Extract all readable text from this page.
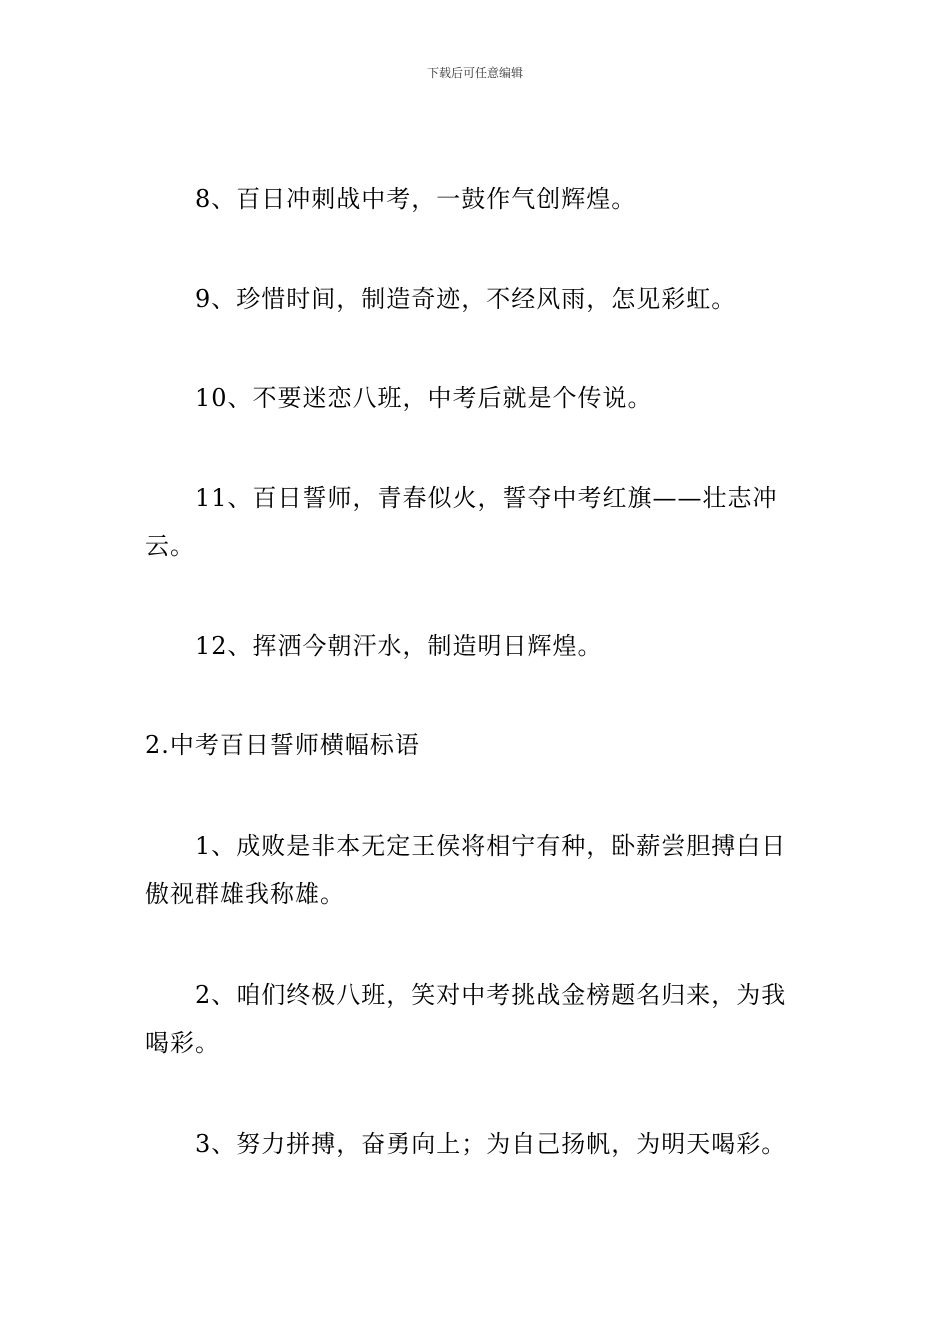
下载后可任意编辑

8、百日冲刺战中考，一鼓作气创辉煌。

9、珍惜时间，制造奇迹，不经风雨，怎见彩虹。

10、不要迷恋八班，中考后就是个传说。

11、百日誓师，青春似火，誓夺中考红旗——壮志冲云。

12、挥洒今朝汗水，制造明日辉煌。

2.中考百日誓师横幅标语

1、成败是非本无定王侯将相宁有种，卧薪尝胆搏白日傲视群雄我称雄。

2、咱们终极八班，笑对中考挑战金榜题名归来，为我喝彩。

3、努力拼搏，奋勇向上；为自己扬帆，为明天喝彩。
